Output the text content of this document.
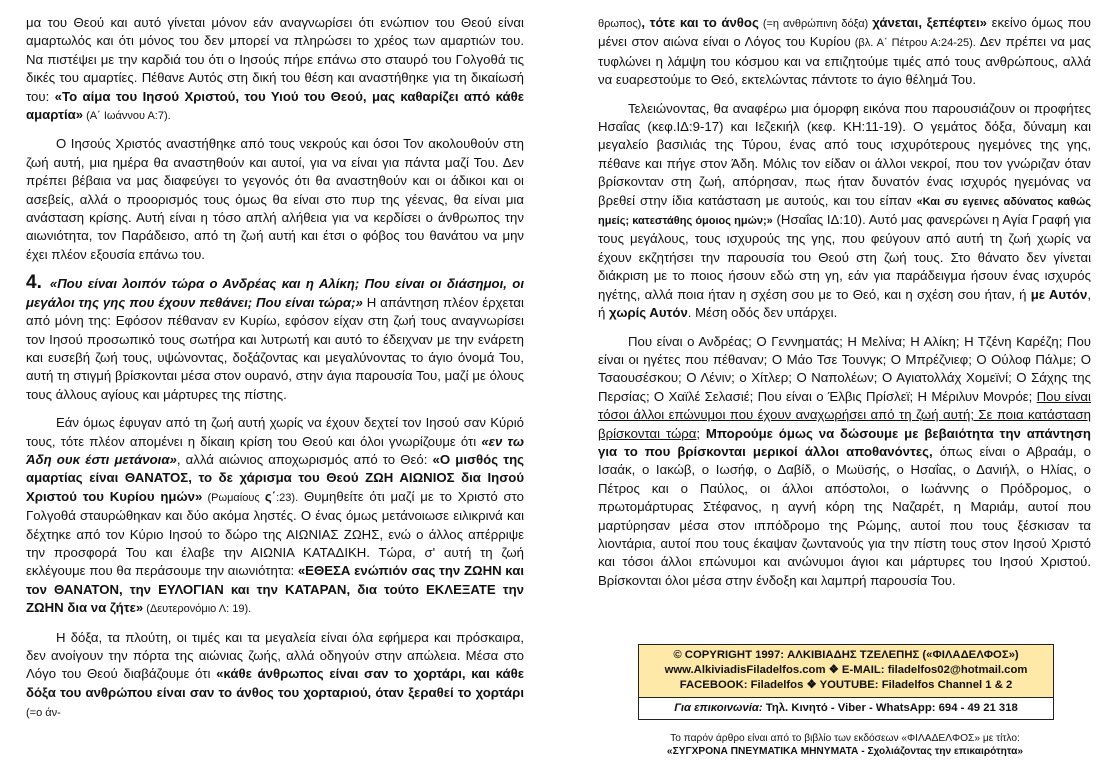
μα του Θεού και αυτό γίνεται μόνον εάν αναγνωρίσει ότι ενώπιον του Θεού είναι αμαρτωλός και ότι μόνος του δεν μπορεί να πληρώσει το χρέος των αμαρτιών του. Να πιστέψει με την καρδιά του ότι ο Ιησούς πήρε επάνω στο σταυρό του Γολγοθά τις δικές του αμαρτίες. Πέθανε Αυτός στη δική του θέση και αναστήθηκε για τη δικαίωσή του: «Το αίμα του Ιησού Χριστού, του Υιού του Θεού, μας καθαρίζει από κάθε αμαρτία» (Α΄ Ιωάννου Α:7).

Ο Ιησούς Χριστός αναστήθηκε από τους νεκρούς και όσοι Τον ακολουθούν στη ζωή αυτή, μια ημέρα θα αναστηθούν και αυτοί, για να είναι για πάντα μαζί Του. Δεν πρέπει βέβαια να μας διαφεύγει το γεγονός ότι θα αναστηθούν και οι άδικοι και οι ασεβείς, αλλά ο προορισμός τους όμως θα είναι στο πυρ της γέενας, θα είναι μια ανάσταση κρίσης. Αυτή είναι η τόσο απλή αλήθεια για να κερδίσει ο άνθρωπος την αιωνιότητα, τον Παράδεισο, από τη ζωή αυτή και έτσι ο φόβος του θανάτου να μην έχει πλέον εξουσία επάνω του.

4. «Που είναι λοιπόν τώρα ο Ανδρέας και η Αλίκη; Που είναι οι διάσημοι, οι μεγάλοι της γης που έχουν πεθάνει; Που είναι τώρα;» Η απάντηση πλέον έρχεται από μόνη της: Εφόσον πέθαναν εν Κυρίω, εφόσον είχαν στη ζωή τους αναγνωρίσει τον Ιησού προσωπικό τους σωτήρα και λυτρωτή και αυτό το έδειχναν με την ενάρετη και ευσεβή ζωή τους, υψώνοντας, δοξάζοντας και μεγαλύνοντας το άγιο όνομά Του, αυτή τη στιγμή βρίσκονται μέσα στον ουρανό, στην άγια παρουσία Του, μαζί με όλους τους άλλους αγίους και μάρτυρες της πίστης.

Εάν όμως έφυγαν από τη ζωή αυτή χωρίς να έχουν δεχτεί τον Ιησού σαν Κύριό τους, τότε πλέον απομένει η δίκαιη κρίση του Θεού και όλοι γνωρίζουμε ότι «εν τω Άδη ουκ έστι μετάνοια», αλλά αιώνιος αποχωρισμός από το Θεό: «Ο μισθός της αμαρτίας είναι ΘΑΝΑΤΟΣ, το δε χάρισμα του Θεού ΖΩΗ ΑΙΩΝΙΟΣ δια Ιησού Χριστού του Κυρίου ημών» (Ρωμαίους ς΄:23). Θυμηθείτε ότι μαζί με το Χριστό στο Γολγοθά σταυρώθηκαν και δύο ακόμα ληστές. Ο ένας όμως μετάνοιωσε ειλικρινά και δέχτηκε από τον Κύριο Ιησού το δώρο της ΑΙΩΝΙΑΣ ΖΩΗΣ, ενώ ο άλλος απέρριψε την προσφορά Του και έλαβε την ΑΙΩΝΙΑ ΚΑΤΑΔΙΚΗ. Τώρα, σ' αυτή τη ζωή εκλέγουμε που θα περάσουμε την αιωνιότητα: «ΕΘΕΣΑ ενώπιόν σας την ΖΩΗΝ και τον ΘΑΝΑΤΟΝ, την ΕΥΛΟΓΙΑΝ και την ΚΑΤΑΡΑΝ, δια τούτο ΕΚΛΕΞΑΤΕ την ΖΩΗΝ δια να ζήτε» (Δευτερονόμιο Λ: 19).

Η δόξα, τα πλούτη, οι τιμές και τα μεγαλεία είναι όλα εφήμερα και πρόσκαιρα, δεν ανοίγουν την πόρτα της αιώνιας ζωής, αλλά οδηγούν στην απώλεια. Μέσα στο Λόγο του Θεού διαβάζουμε ότι «κάθε άνθρωπος είναι σαν το χορτάρι, και κάθε δόξα του ανθρώπου είναι σαν το άνθος του χορταριού, όταν ξεραθεί το χορτάρι (=ο άν-

θρωπος), τότε και το άνθος (=η ανθρώπινη δόξα) χάνεται, ξεπέφτει» εκείνο όμως που μένει στον αιώνα είναι ο Λόγος του Κυρίου (βλ. Α΄ Πέτρου Α:24-25). Δεν πρέπει να μας τυφλώνει η λάμψη του κόσμου και να επιζητούμε τιμές από τους ανθρώπους, αλλά να ευαρεστούμε το Θεό, εκτελώντας πάντοτε το άγιο θέλημά Του.

Τελειώνοντας, θα αναφέρω μια όμορφη εικόνα που παρουσιάζουν οι προφήτες Ησαΐας (κεφ.ΙΔ:9-17) και Ιεζεκιήλ (κεφ. ΚΗ:11-19). Ο γεμάτος δόξα, δύναμη και μεγαλείο βασιλιάς της Τύρου, ένας από τους ισχυρότερους ηγεμόνες της γης, πέθανε και πήγε στον Άδη. Μόλις τον είδαν οι άλλοι νεκροί, που τον γνώριζαν όταν βρίσκονταν στη ζωή, απόρησαν, πως ήταν δυνατόν ένας ισχυρός ηγεμόνας να βρεθεί στην ίδια κατάσταση με αυτούς, και του είπαν «Και συ εγεινες αδύνατος καθώς ημείς; κατεστάθης όμοιος ημών;» (Ησαΐας ΙΔ:10). Αυτό μας φανερώνει η Αγία Γραφή για τους μεγάλους, τους ισχυρούς της γης, που φεύγουν από αυτή τη ζωή χωρίς να έχουν εκζητήσει την παρουσία του Θεού στη ζωή τους. Στο θάνατο δεν γίνεται διάκριση με το ποιος ήσουν εδώ στη γη, εάν για παράδειγμα ήσουν ένας ισχυρός ηγέτης, αλλά ποια ήταν η σχέση σου με το Θεό, και η σχέση σου ήταν, ή με Αυτόν, ή χωρίς Αυτόν. Μέση οδός δεν υπάρχει.

Που είναι ο Ανδρέας; Ο Γεννηματάς; Η Μελίνα; Η Αλίκη; Η Τζένη Καρέζη; Που είναι οι ηγέτες που πέθαναν; Ο Μάο Τσε Τουνγκ; Ο Μπρέζνιεφ; Ο Ούλοφ Πάλμε; Ο Τσαουσέσκου; Ο Λένιν; ο Χίτλερ; Ο Ναπολέων; Ο Αγιατολλάχ Χομεϊνί; Ο Σάχης της Περσίας; Ο Χαϊλέ Σελασιέ; Που είναι ο Έλβις Πρίσλεϊ; Η Μέριλυν Μονρόε; Που είναι τόσοι άλλοι επώνυμοι που έχουν αναχωρήσει από τη ζωή αυτή; Σε ποια κατάσταση βρίσκονται τώρα; Μπορούμε όμως να δώσουμε με βεβαιότητα την απάντηση για το που βρίσκονται μερικοί άλλοι αποθανόντες, όπως είναι ο Αβραάμ, ο Ισαάκ, ο Ιακώβ, ο Ιωσήφ, ο Δαβίδ, ο Μωϋσής, ο Ησαΐας, ο Δανιήλ, ο Ηλίας, ο Πέτρος και ο Παύλος, οι άλλοι απόστολοι, ο Ιωάννης ο Πρόδρομος, ο πρωτομάρτυρας Στέφανος, η αγνή κόρη της Ναζαρέτ, η Μαριάμ, αυτοί που μαρτύρησαν μέσα στον ιππόδρομο της Ρώμης, αυτοί που τους ξέσκισαν τα λιοντάρια, αυτοί που τους έκαψαν ζωντανούς για την πίστη τους στον Ιησού Χριστό και τόσοι άλλοι επώνυμοι και ανώνυμοι άγιοι και μάρτυρες του Ιησού Χριστού. Βρίσκονται όλοι μέσα στην ένδοξη και λαμπρή παρουσία Του.

© COPYRIGHT 1997: ΑΛΚΙΒΙΑΔΗΣ ΤΖΕΛΕΠΗΣ («ΦΙΛΑΔΕΛΦΟΣ»)
www.AlkiviadisFiladelfos.com ❖ E-MAIL: filadelfos02@hotmail.com
FACEBOOK: Filadelfos ❖ YOUTUBE: Filadelfos Channel 1 & 2
Για επικοινωνία: Τηλ. Κινητό - Viber - WhatsApp: 694 - 49 21 318
Το παρόν άρθρο είναι από το βιβλίο των εκδόσεων «ΦΙΛΑΔΕΛΦΟΣ» με τίτλο:
«ΣΥΓΧΡΟΝΑ ΠΝΕΥΜΑΤΙΚΑ ΜΗΝΥΜΑΤΑ - Σχολιάζοντας την επικαιρότητα»
